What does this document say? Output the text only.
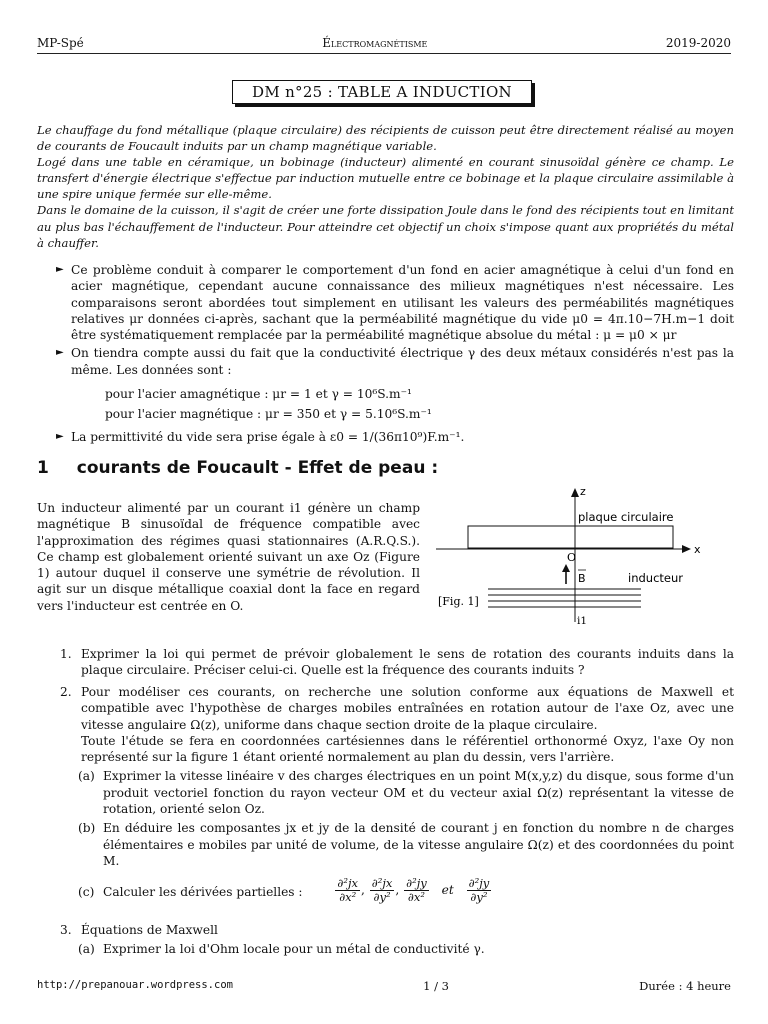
MP-Spé	Électromagnétisme	2019-2020
DM n°25 : TABLE A INDUCTION

Le chauffage du fond métallique (plaque circulaire) des récipients de cuisson peut être directement réalisé au moyen de courants de Foucault induits par un champ magnétique variable.

Logé dans une table en céramique, un bobinage (inducteur) alimenté en courant sinusoïdal génère ce champ. Le transfert d'énergie électrique s'effectue par induction mutuelle entre ce bobinage et la plaque circulaire assimilable à une spire unique fermée sur elle-même.

Dans le domaine de la cuisson, il s'agit de créer une forte dissipation Joule dans le fond des récipients tout en limitant au plus bas l'échauffement de l'inducteur. Pour atteindre cet objectif un choix s'impose quant aux propriétés du métal à chauffer.

► Ce problème conduit à comparer le comportement d'un fond en acier amagnétique à celui d'un fond en acier magnétique, cependant aucune connaissance des milieux magnétiques n'est nécessaire. Les comparaisons seront abordées tout simplement en utilisant les valeurs des perméabilités magnétiques relatives μr données ci-après, sachant que la perméabilité magnétique du vide μ0 = 4π.10−7H.m−1 doit être systématiquement remplacée par la perméabilité magnétique absolue du métal : μ = μ0 × μr
► On tiendra compte aussi du fait que la conductivité électrique γ des deux métaux considérés n'est pas la même. Les données sont :
pour l'acier amagnétique : μr = 1 et γ = 10⁶S.m⁻¹
pour l'acier magnétique : μr = 350 et γ = 5.10⁶S.m⁻¹
► La permittivité du vide sera prise égale à ε0 = 1/(36π10⁹)F.m⁻¹.
1 courants de Foucault - Effet de peau :
Un inducteur alimenté par un courant i1 génère un champ magnétique B sinusoïdal de fréquence compatible avec l'approximation des régimes quasi stationnaires (A.R.Q.S.). Ce champ est globalement orienté suivant un axe Oz (Figure 1) autour duquel il conserve une symétrie de révolution. Il agit sur un disque métallique coaxial dont la face en regard vers l'inducteur est centrée en O.
z
x
plaque circulaire
O
B	inducteur
[Fig. 1]
i1
1. Exprimer la loi qui permet de prévoir globalement le sens de rotation des courants induits dans la plaque circulaire. Préciser celui-ci. Quelle est la fréquence des courants induits ?
2. Pour modéliser ces courants, on recherche une solution conforme aux équations de Maxwell et compatible avec l'hypothèse de charges mobiles entraînées en rotation autour de l'axe Oz, avec une vitesse angulaire Ω(z), uniforme dans chaque section droite de la plaque circulaire.
Toute l'étude se fera en coordonnées cartésiennes dans le référentiel orthonormé Oxyz, l'axe Oy non représenté sur la figure 1 étant orienté normalement au plan du dessin, vers l'arrière.
(a) Exprimer la vitesse linéaire v des charges électriques en un point M(x,y,z) du disque, sous forme d'un produit vectoriel fonction du rayon vecteur OM et du vecteur axial Ω(z) représentant la vitesse de rotation, orienté selon Oz.
(b) En déduire les composantes jx et jy de la densité de courant j en fonction du nombre n de charges élémentaires e mobiles par unité de volume, de la vitesse angulaire Ω(z) et des coordonnées du point M.
(c) Calculer les dérivées partielles :	$\frac{\text{∂²jx}}{\text{∂x²}}$ , $\frac{\text{∂²jx}}{\text{∂y²}}$ , $\frac{\text{∂²jy}}{\text{∂x²}}$ et $\frac{\text{∂²jy}}{\text{∂y²}}$
3. Équations de Maxwell
(a) Exprimer la loi d'Ohm locale pour un métal de conductivité γ.
http://prepanouar.wordpress.com	1 / 3	Durée : 4 heure
